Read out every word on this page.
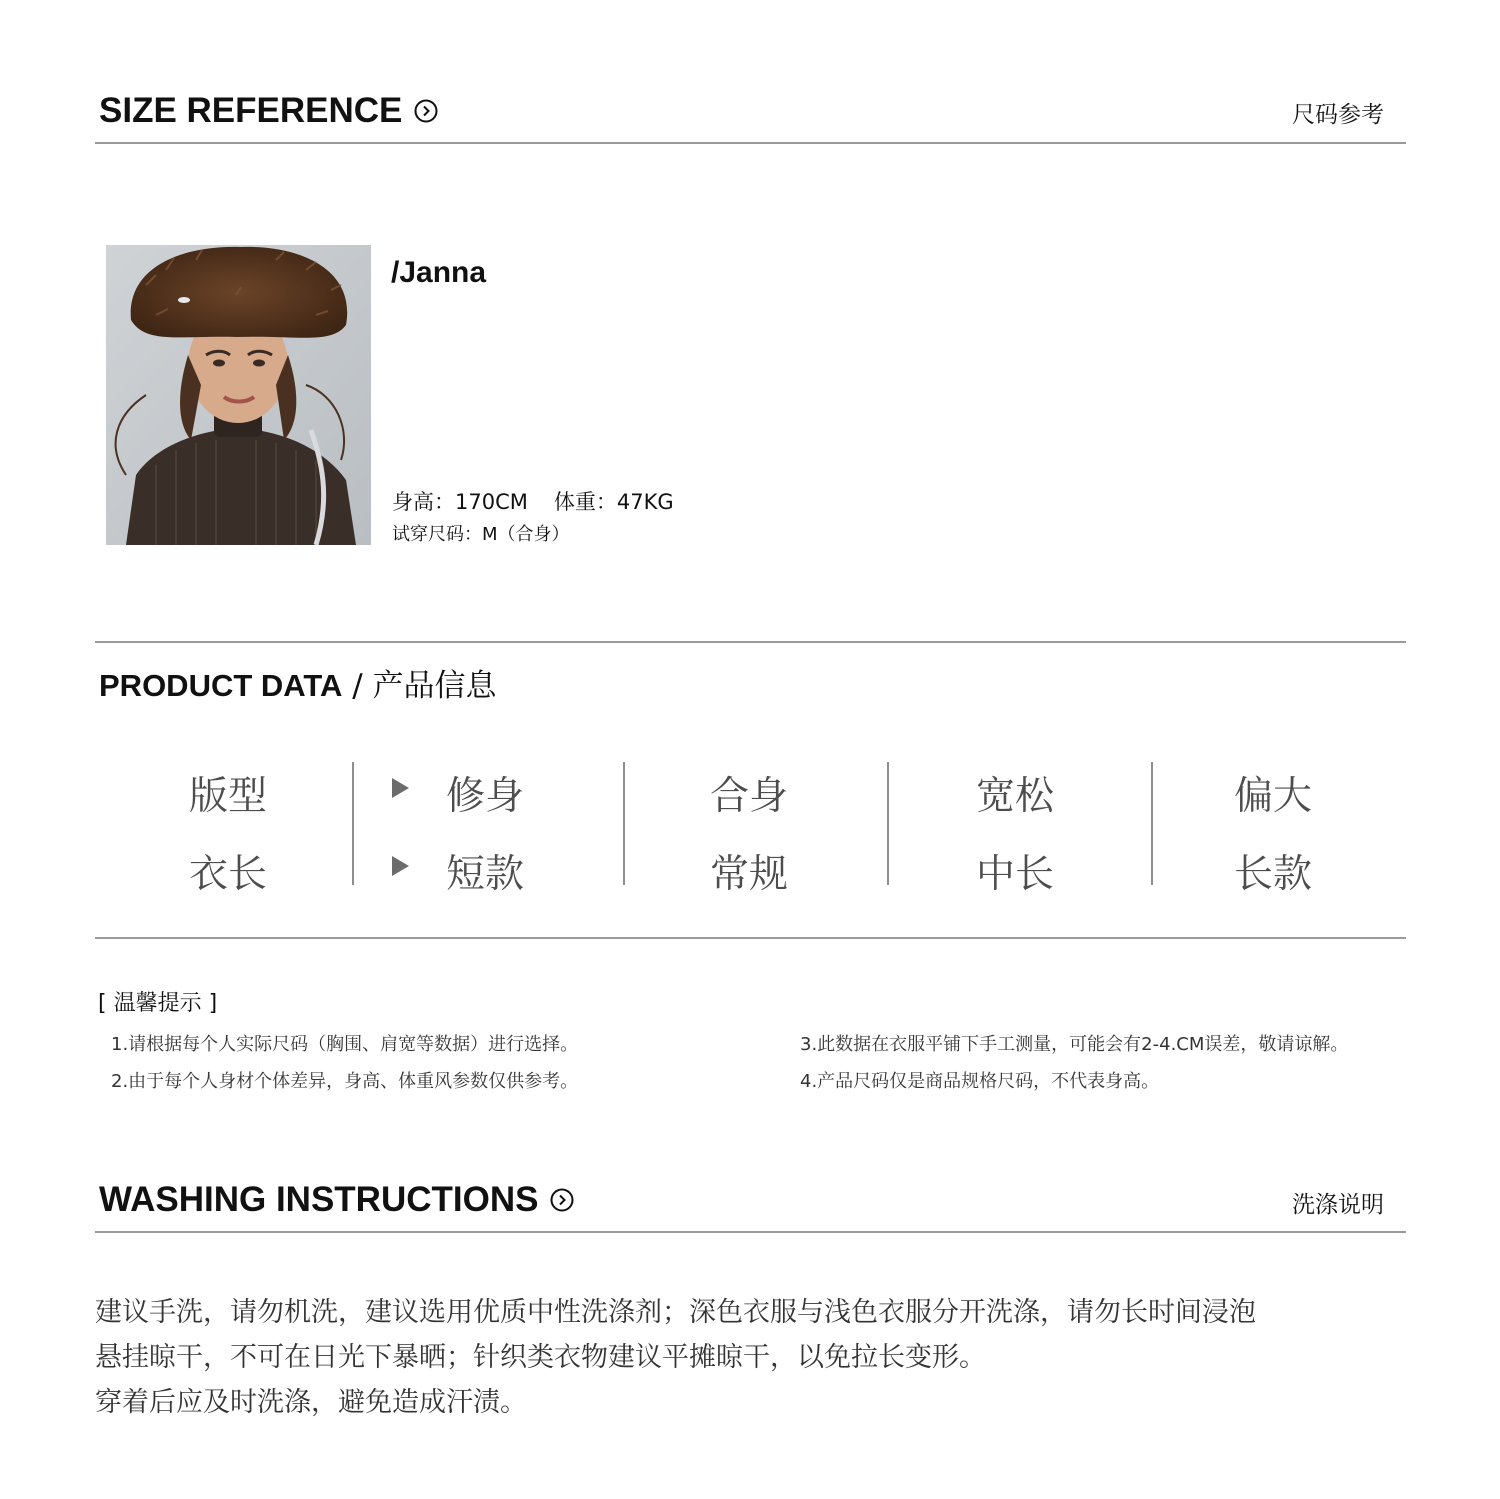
SIZE REFERENCE	尺码参考
/Janna
身高：170CM 体重：47KG
试穿尺码：M（合身）
PRODUCT DATA / 产品信息
版型	修身	合身	宽松	偏大
衣长	短款	常规	中长	长款
[ 温馨提示 ]
1.请根据每个人实际尺码（胸围、肩宽等数据）进行选择。
2.由于每个人身材个体差异，身高、体重风参数仅供参考。
3.此数据在衣服平铺下手工测量，可能会有2-4.CM误差，敬请谅解。
4.产品尺码仅是商品规格尺码，不代表身高。
WASHING INSTRUCTIONS	洗涤说明
建议手洗，请勿机洗，建议选用优质中性洗涤剂；深色衣服与浅色衣服分开洗涤，请勿长时间浸泡
悬挂晾干，不可在日光下暴晒；针织类衣物建议平摊晾干，以免拉长变形。
穿着后应及时洗涤，避免造成汗渍。
